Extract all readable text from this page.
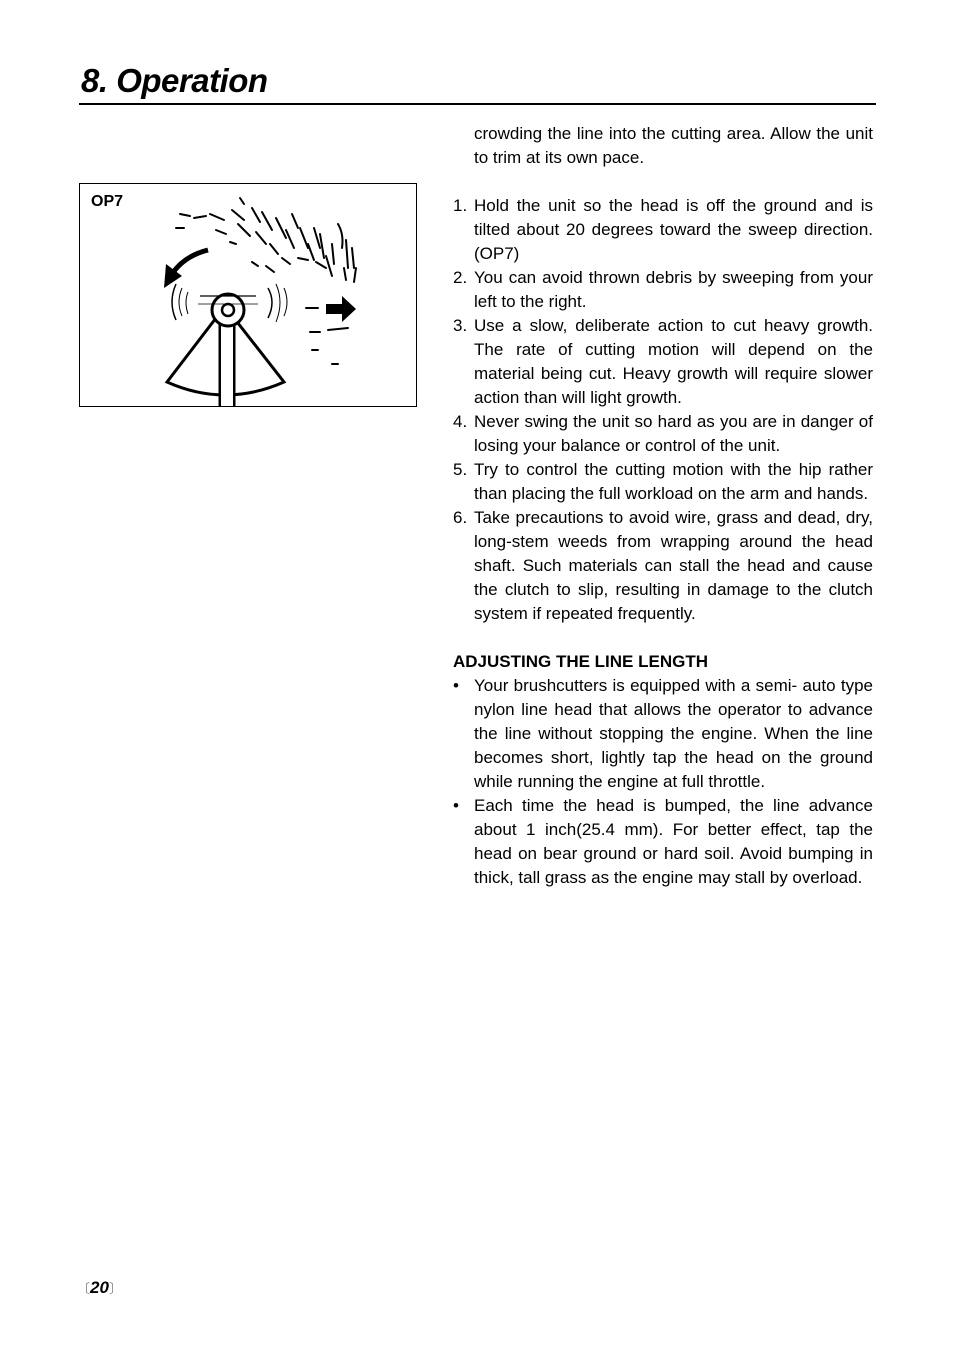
8. Operation
OP7

crowding the line into the cutting area. Allow the unit to trim at its own pace.

1. Hold the unit so the head is off the ground and is tilted about 20 degrees toward the sweep direction. (OP7)
2. You can avoid thrown debris by sweeping from your left to the right.
3. Use a slow, deliberate action to cut heavy growth. The rate of cutting motion will depend on the material being cut. Heavy growth will require slower action than will light growth.
4. Never swing the unit so hard as you are in danger of losing your balance or control of the unit.
5. Try to control the cutting motion with the hip rather than placing the full workload on the arm and hands.
6. Take precautions to avoid wire, grass and dead, dry, long-stem weeds from wrapping around the head shaft. Such materials can stall the head and cause the clutch to slip, resulting in damage to the clutch system if repeated frequently.

ADJUSTING THE LINE LENGTH

• Your brushcutters is equipped with a semi- auto type nylon line head that allows the operator to advance the line without stopping the engine. When the line becomes short, lightly tap the head on the ground while running the engine at full throttle.
• Each time the head is bumped, the line advance about 1 inch(25.4 mm). For better effect, tap the head on bear ground or hard soil. Avoid bumping in thick, tall grass as the engine may stall by overload.
〔20〕
